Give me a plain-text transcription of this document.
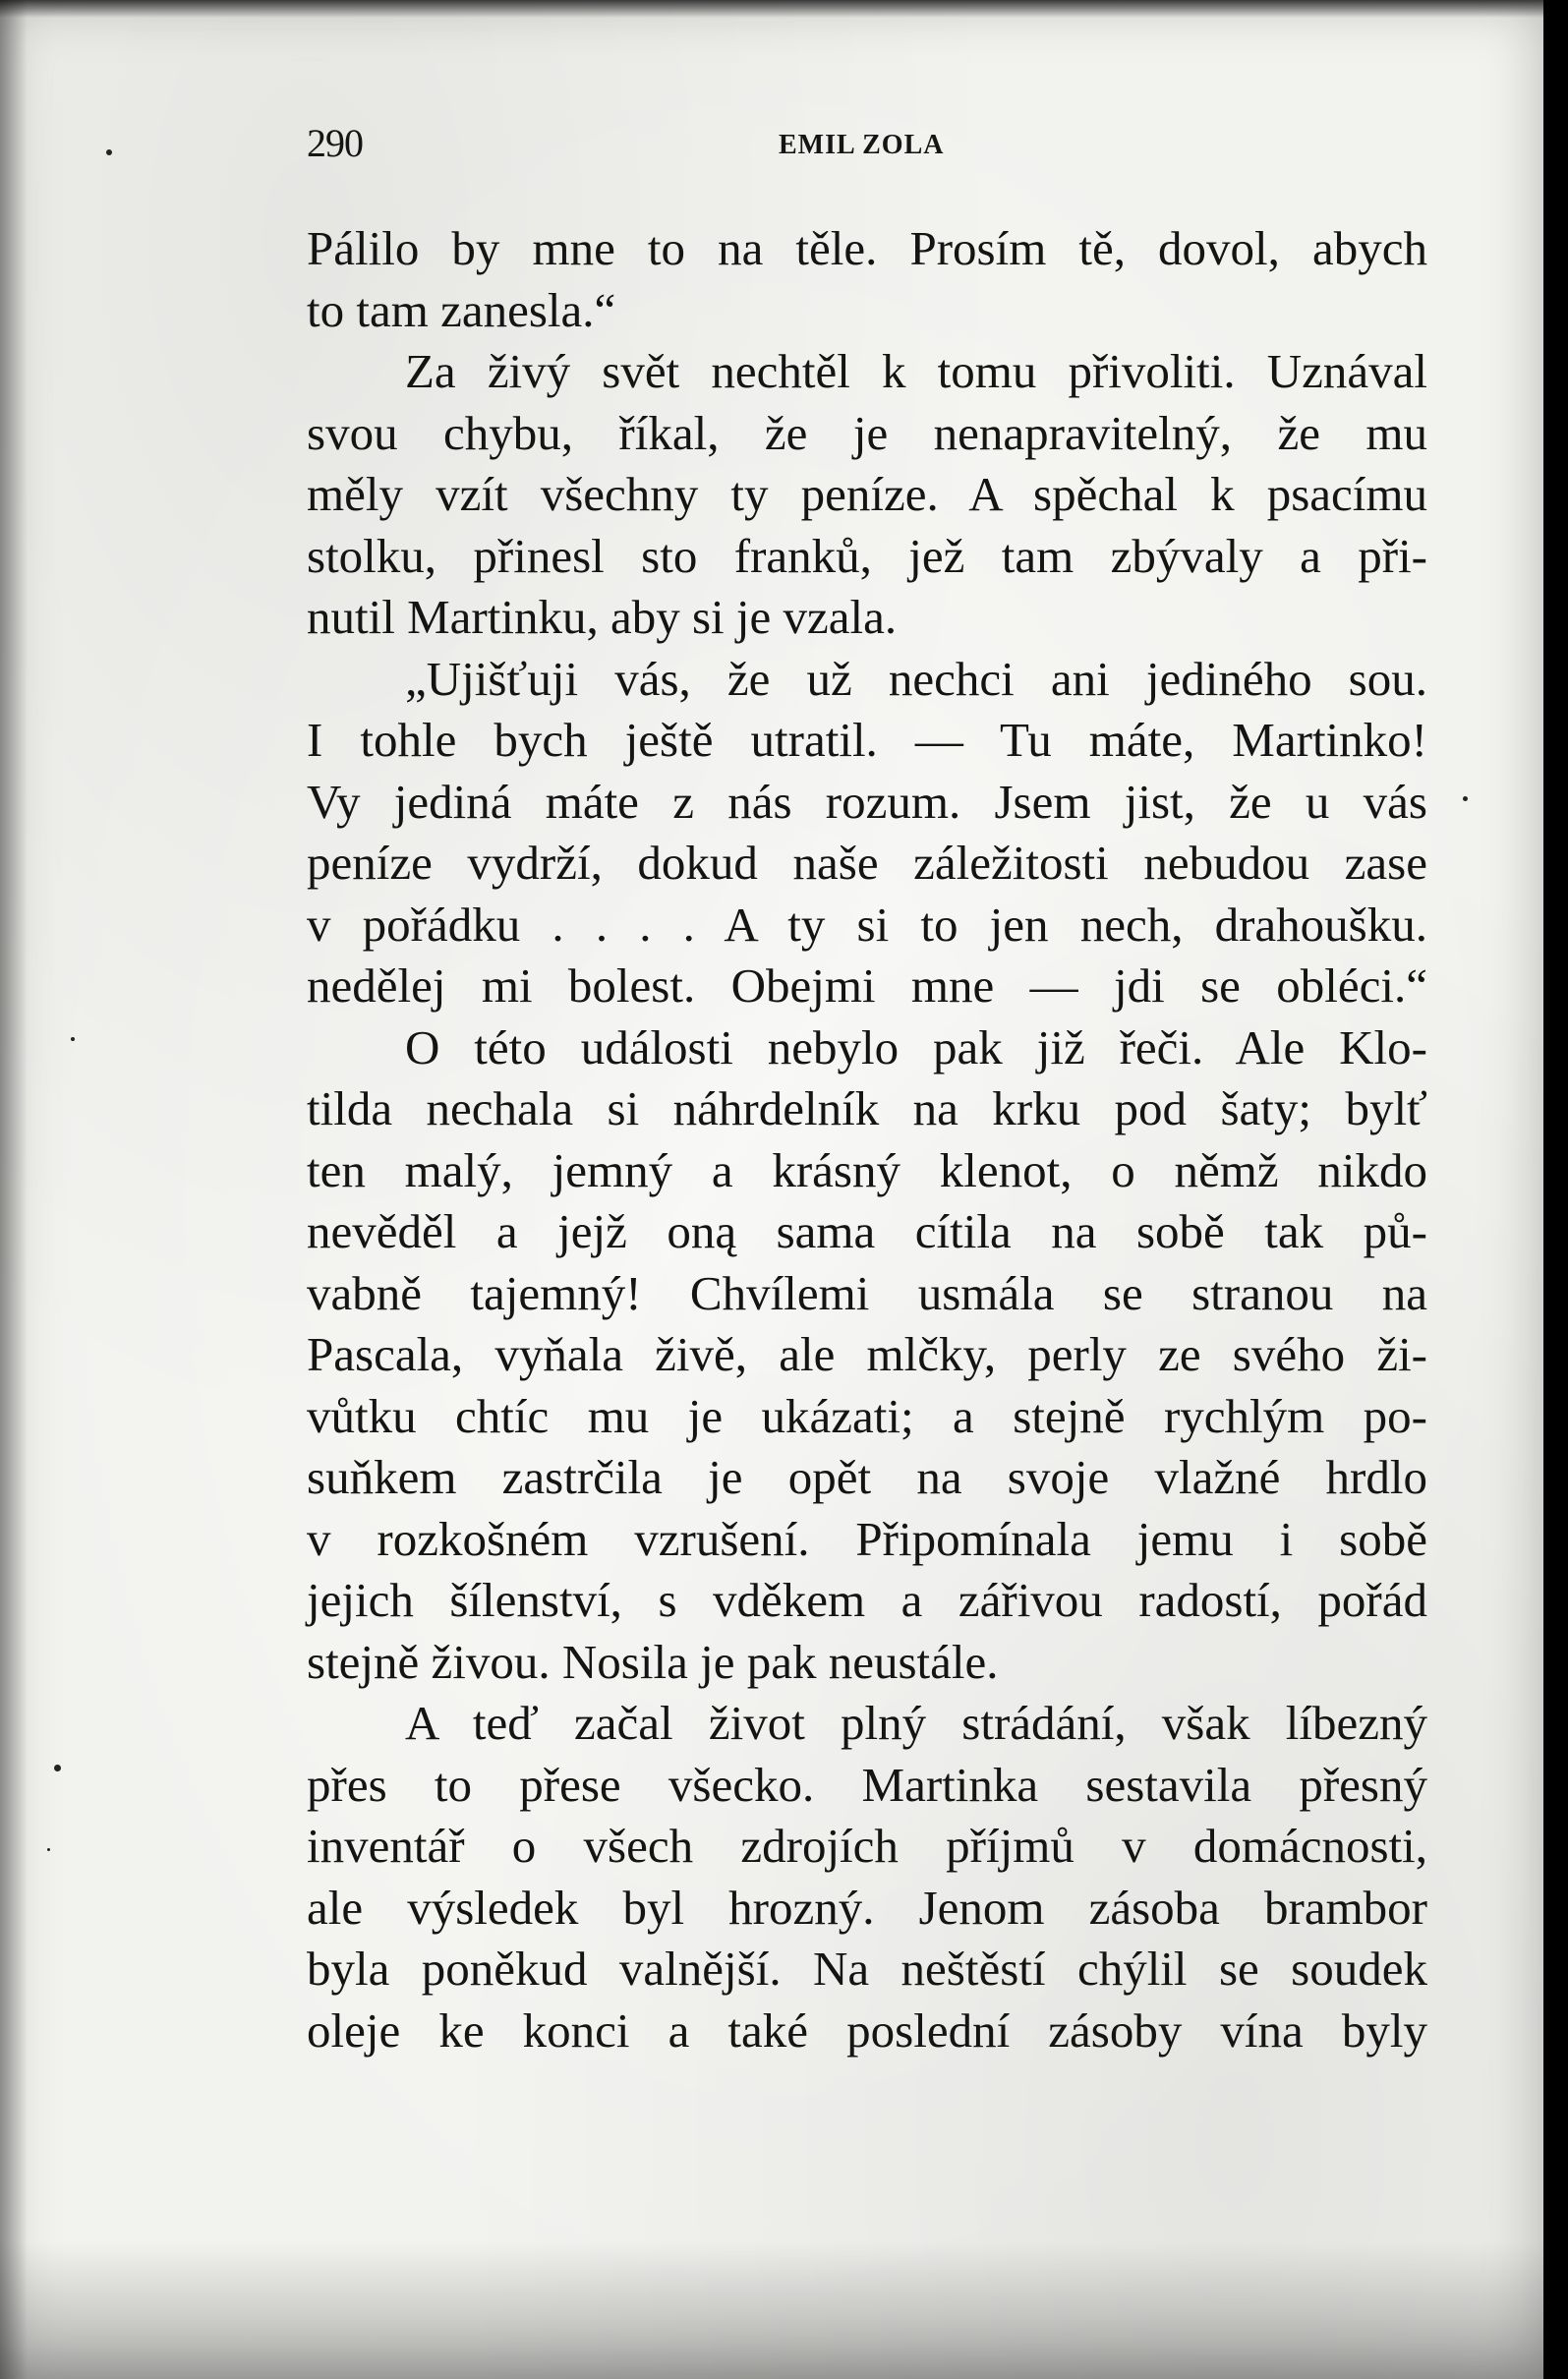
290	EMIL ZOLA
Pálilo by mne to na těle. Prosím tě, dovol, abych
to tam zanesla.“
Za živý svět nechtěl k tomu přivoliti. Uznával
svou chybu, říkal, že je nenapravitelný, že mu
měly vzít všechny ty peníze. A spěchal k psacímu
stolku, přinesl sto franků, jež tam zbývaly a při-
nutil Martinku, aby si je vzala.
„Ujišťuji vás, že už nechci ani jediného sou.
I tohle bych ještě utratil. — Tu máte, Martinko!
Vy jediná máte z nás rozum. Jsem jist, že u vás
peníze vydrží, dokud naše záležitosti nebudou zase
v pořádku . . . . A ty si to jen nech, drahoušku.
nedělej mi bolest. Obejmi mne — jdi se obléci.“
O této události nebylo pak již řeči. Ale Klo-
tilda nechala si náhrdelník na krku pod šaty; bylť
ten malý, jemný a krásný klenot, o němž nikdo
nevěděl a jejž oną sama cítila na sobě tak pů-
vabně tajemný! Chvílemi usmála se stranou na
Pascala, vyňala živě, ale mlčky, perly ze svého ži-
vůtku chtíc mu je ukázati; a stejně rychlým po-
suňkem zastrčila je opět na svoje vlažné hrdlo
v rozkošném vzrušení. Připomínala jemu i sobě
jejich šílenství, s vděkem a zářivou radostí, pořád
stejně živou. Nosila je pak neustále.
A teď začal život plný strádání, však líbezný
přes to přese všecko. Martinka sestavila přesný
inventář o všech zdrojích příjmů v domácnosti,
ale výsledek byl hrozný. Jenom zásoba brambor
byla poněkud valnější. Na neštěstí chýlil se soudek
oleje ke konci a také poslední zásoby vína byly
